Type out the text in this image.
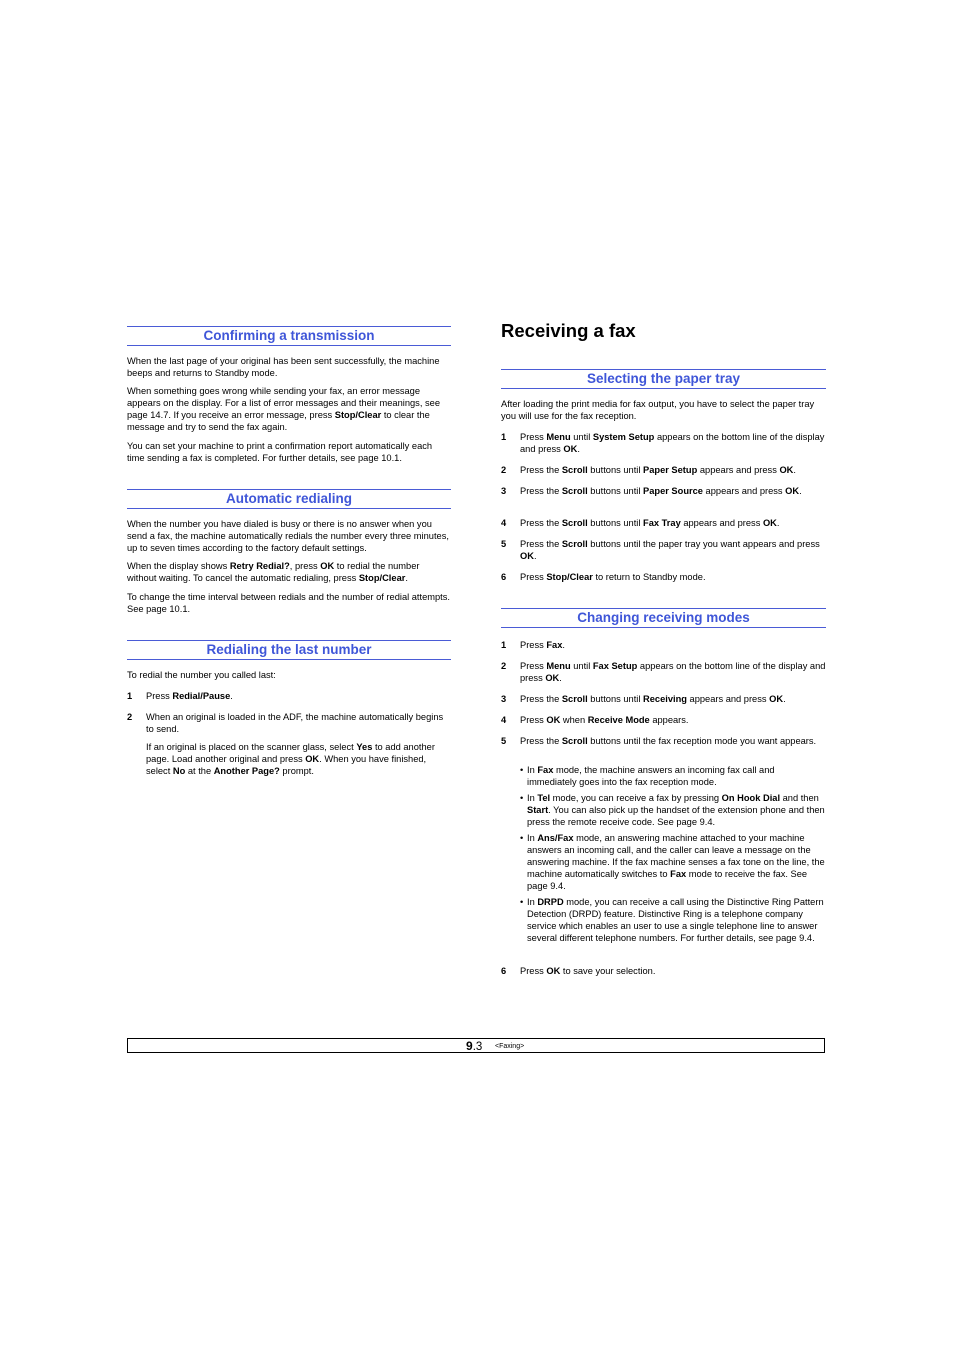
Confirming a transmission

When the last page of your original has been sent successfully, the machine beeps and returns to Standby mode.

When something goes wrong while sending your fax, an error message appears on the display. For a list of error messages and their meanings, see page 14.7. If you receive an error message, press Stop/Clear to clear the message and try to send the fax again.

You can set your machine to print a confirmation report automatically each time sending a fax is completed. For further details, see page 10.1.

Automatic redialing

When the number you have dialed is busy or there is no answer when you send a fax, the machine automatically redials the number every three minutes, up to seven times according to the factory default settings.

When the display shows Retry Redial?, press OK to redial the number without waiting. To cancel the automatic redialing, press Stop/Clear.

To change the time interval between redials and the number of redial attempts. See page 10.1.

Redialing the last number

To redial the number you called last:

1 Press Redial/Pause.
2 When an original is loaded in the ADF, the machine automatically begins to send.
If an original is placed on the scanner glass, select Yes to add another page. Load another original and press OK. When you have finished, select No at the Another Page? prompt.
Receiving a fax
Selecting the paper tray

After loading the print media for fax output, you have to select the paper tray you will use for the fax reception.

1 Press Menu until System Setup appears on the bottom line of the display and press OK.
2 Press the Scroll buttons until Paper Setup appears and press OK.
3 Press the Scroll buttons until Paper Source appears and press OK.
4 Press the Scroll buttons until Fax Tray appears and press OK.
5 Press the Scroll buttons until the paper tray you want appears and press OK.
6 Press Stop/Clear to return to Standby mode.
Changing receiving modes
1 Press Fax.
2 Press Menu until Fax Setup appears on the bottom line of the display and press OK.
3 Press the Scroll buttons until Receiving appears and press OK.
4 Press OK when Receive Mode appears.
5 Press the Scroll buttons until the fax reception mode you want appears.
• In Fax mode, the machine answers an incoming fax call and immediately goes into the fax reception mode.
• In Tel mode, you can receive a fax by pressing On Hook Dial and then Start. You can also pick up the handset of the extension phone and then press the remote receive code. See page 9.4.
• In Ans/Fax mode, an answering machine attached to your machine answers an incoming call, and the caller can leave a message on the answering machine. If the fax machine senses a fax tone on the line, the machine automatically switches to Fax mode to receive the fax. See page 9.4.
• In DRPD mode, you can receive a call using the Distinctive Ring Pattern Detection (DRPD) feature. Distinctive Ring is a telephone company service which enables an user to use a single telephone line to answer several different telephone numbers. For further details, see page 9.4.
6 Press OK to save your selection.
9.3 <Faxing>
